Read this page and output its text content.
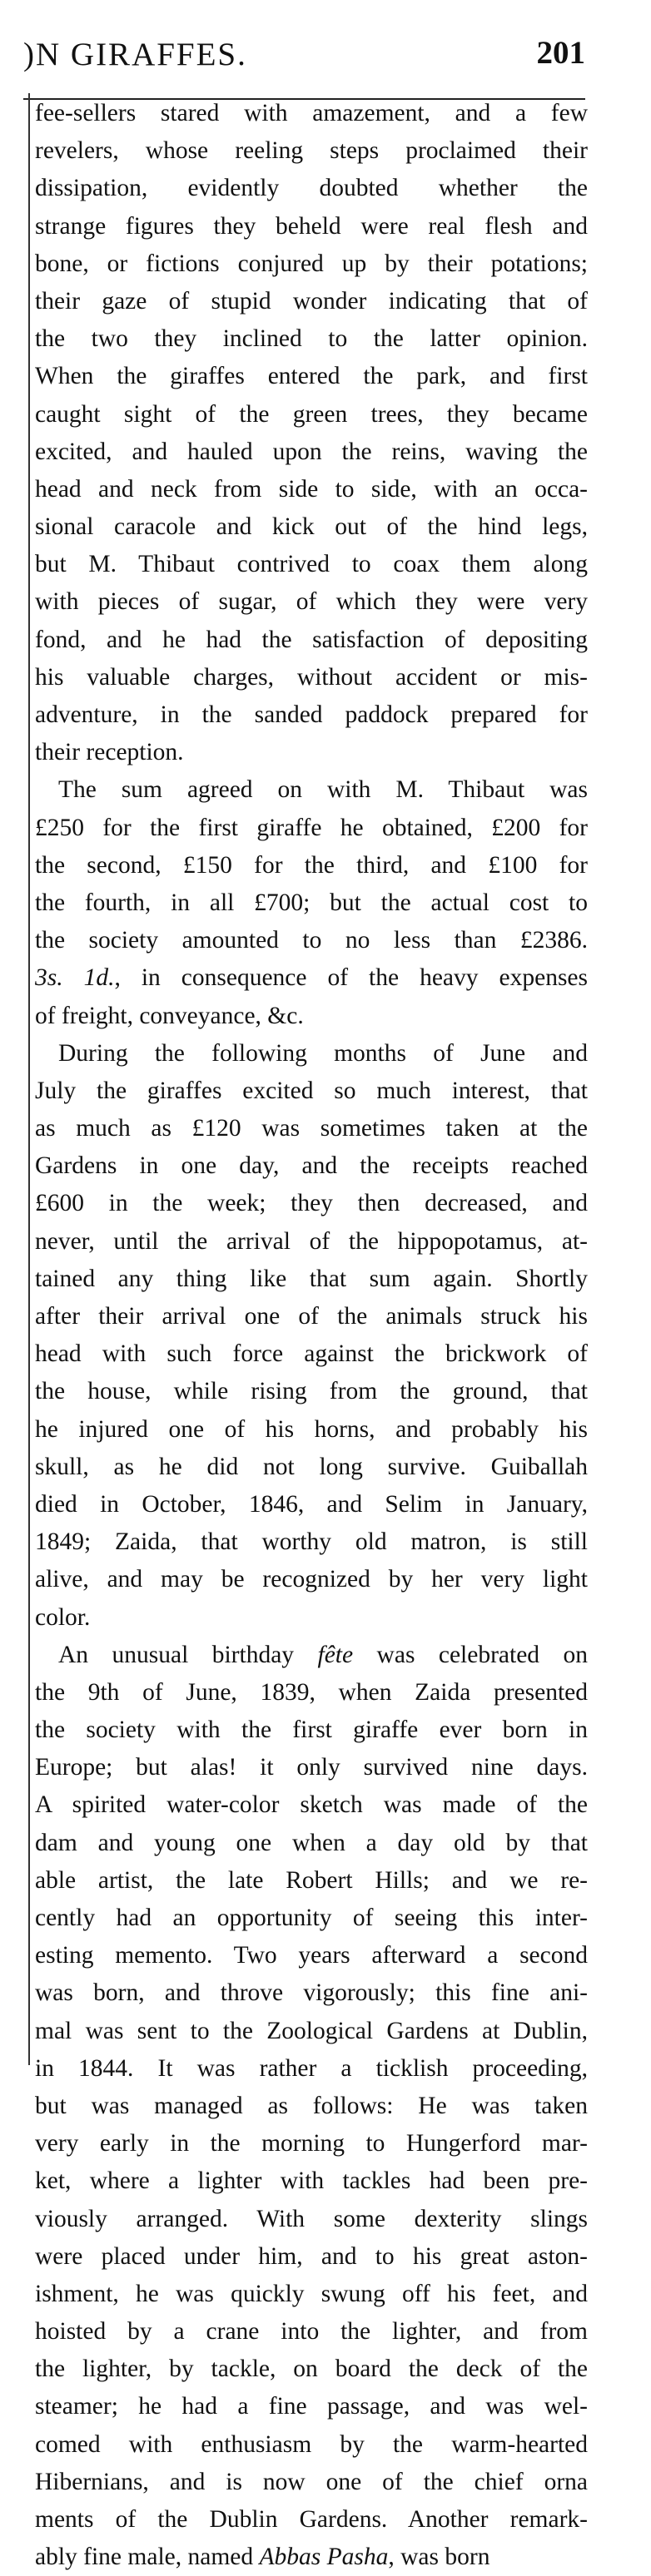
)N GIRAFFES.	201
fee-sellers stared with amazement, and a few
revelers, whose reeling steps proclaimed their
dissipation, evidently doubted whether the
strange figures they beheld were real flesh and
bone, or fictions conjured up by their potations;
their gaze of stupid wonder indicating that of
the two they inclined to the latter opinion.
When the giraffes entered the park, and first
caught sight of the green trees, they became
excited, and hauled upon the reins, waving the
head and neck from side to side, with an occa-
sional caracole and kick out of the hind legs,
but M. Thibaut contrived to coax them along
with pieces of sugar, of which they were very
fond, and he had the satisfaction of depositing
his valuable charges, without accident or mis-
adventure, in the sanded paddock prepared for
their reception.
The sum agreed on with M. Thibaut was
£250 for the first giraffe he obtained, £200 for
the second, £150 for the third, and £100 for
the fourth, in all £700; but the actual cost to
the society amounted to no less than £2386.
3s. 1d., in consequence of the heavy expenses
of freight, conveyance, &c.
During the following months of June and
July the giraffes excited so much interest, that
as much as £120 was sometimes taken at the
Gardens in one day, and the receipts reached
£600 in the week; they then decreased, and
never, until the arrival of the hippopotamus, at-
tained any thing like that sum again. Shortly
after their arrival one of the animals struck his
head with such force against the brickwork of
the house, while rising from the ground, that
he injured one of his horns, and probably his
skull, as he did not long survive. Guiballah
died in October, 1846, and Selim in January,
1849; Zaida, that worthy old matron, is still
alive, and may be recognized by her very light
color.
An unusual birthday fête was celebrated on
the 9th of June, 1839, when Zaida presented
the society with the first giraffe ever born in
Europe; but alas! it only survived nine days.
A spirited water-color sketch was made of the
dam and young one when a day old by that
able artist, the late Robert Hills; and we re-
cently had an opportunity of seeing this inter-
esting memento. Two years afterward a second
was born, and throve vigorously; this fine ani-
mal was sent to the Zoological Gardens at Dublin,
in 1844. It was rather a ticklish proceeding,
but was managed as follows: He was taken
very early in the morning to Hungerford mar-
ket, where a lighter with tackles had been pre-
viously arranged. With some dexterity slings
were placed under him, and to his great aston-
ishment, he was quickly swung off his feet, and
hoisted by a crane into the lighter, and from
the lighter, by tackle, on board the deck of the
steamer; he had a fine passage, and was wel-
comed with enthusiasm by the warm-hearted
Hibernians, and is now one of the chief orna
ments of the Dublin Gardens. Another remark-
ably fine male, named Abbas Pasha, was born
